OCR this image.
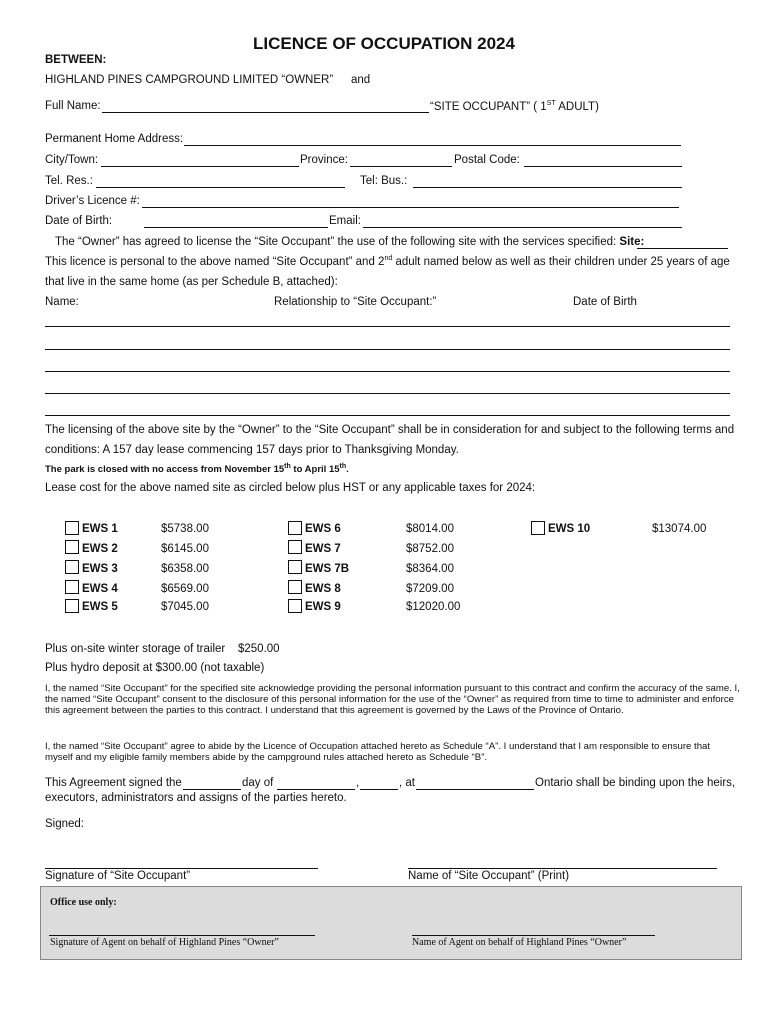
LICENCE OF OCCUPATION 2024
BETWEEN:
HIGHLAND PINES CAMPGROUND LIMITED “OWNER” and
Full Name:	“SITE OCCUPANT” ( 1ST ADULT)
Permanent Home Address:
City/Town:	Province:	Postal Code:
Tel. Res.:	Tel: Bus.:
Driver’s Licence #:
Date of Birth:	Email:
The “Owner” has agreed to license the “Site Occupant” the use of the following site with the services specified: Site:
This licence is personal to the above named “Site Occupant” and 2nd adult named below as well as their children under 25 years of age
that live in the same home (as per Schedule B, attached):
Name:	Relationship to “Site Occupant:”	Date of Birth
The licensing of the above site by the “Owner” to the “Site Occupant” shall be in consideration for and subject to the following terms and
conditions: A 157 day lease commencing 157 days prior to Thanksgiving Monday.
The park is closed with no access from November 15th to April 15th.
Lease cost for the above named site as circled below plus HST or any applicable taxes for 2024:
EWS 1	$5738.00
EWS 2	$6145.00
EWS 3	$6358.00
EWS 4	$6569.00
EWS 5	$7045.00
EWS 6	$8014.00
EWS 7	$8752.00
EWS 7B	$8364.00
EWS 8	$7209.00
EWS 9	$12020.00
EWS 10	$13074.00
Plus on-site winter storage of trailer $250.00
Plus hydro deposit at $300.00 (not taxable)
I, the named “Site Occupant” for the specified site acknowledge providing the personal information pursuant to this contract and confirm the accuracy of the same. I, the named “Site Occupant” consent to the disclosure of this personal information for the use of the “Owner” as required from time to time to administer and enforce this agreement between the parties to this contract. I understand that this agreement is governed by the Laws of the Province of Ontario.
I, the named “Site Occupant” agree to abide by the Licence of Occupation attached hereto as Schedule “A”. I understand that I am responsible to ensure that myself and my eligible family members abide by the campground rules attached hereto as Schedule “B”.
This Agreement signed the	day of	,	, at	Ontario shall be binding upon the heirs,
executors, administrators and assigns of the parties hereto.
Signed:
Signature of “Site Occupant”	Name of “Site Occupant” (Print)
Office use only:
Signature of Agent on behalf of Highland Pines “Owner”	Name of Agent on behalf of Highland Pines “Owner”
